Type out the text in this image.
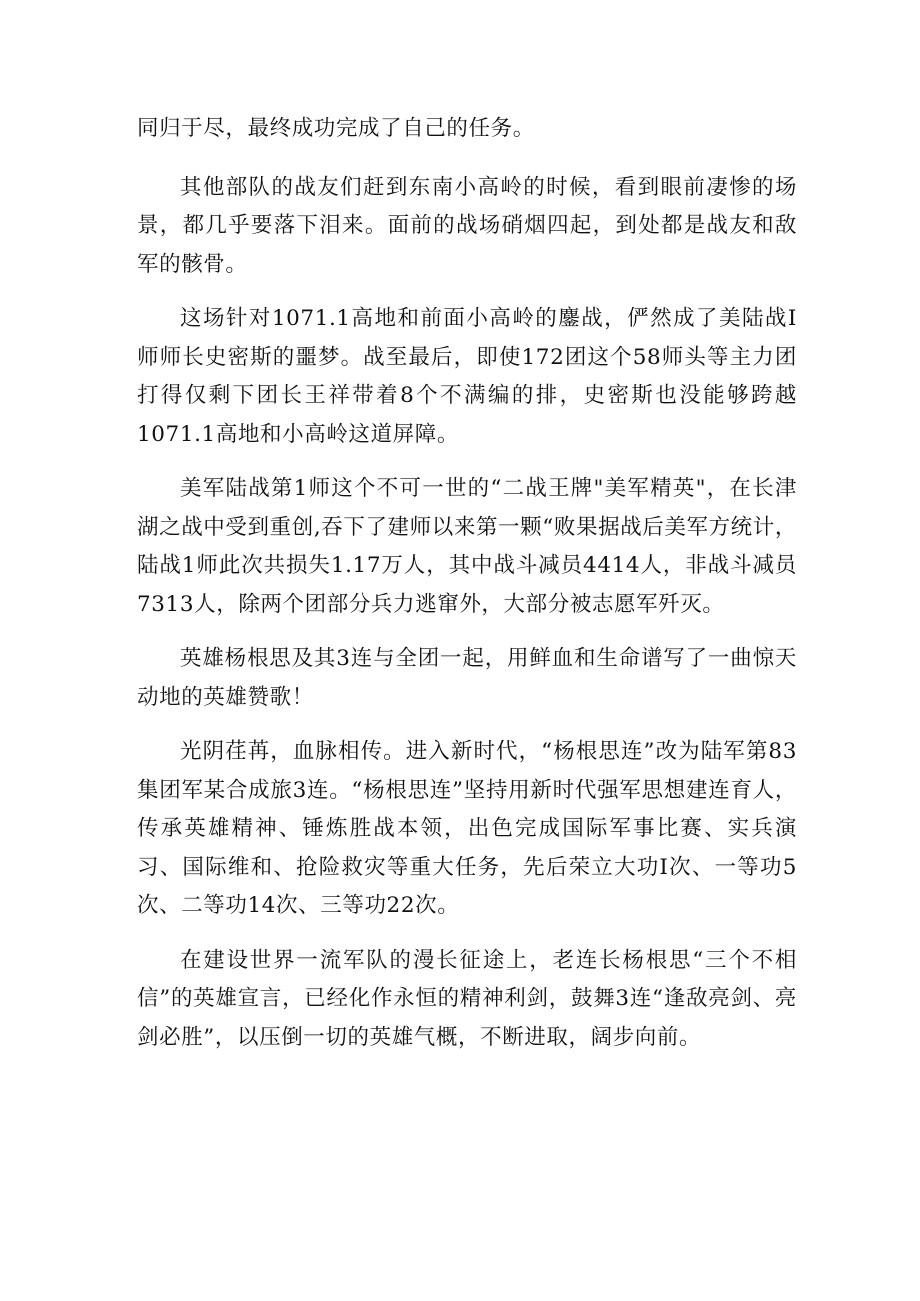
同归于尽，最终成功完成了自己的任务。

其他部队的战友们赶到东南小高岭的时候，看到眼前凄惨的场景，都几乎要落下泪来。面前的战场硝烟四起，到处都是战友和敌军的骸骨。

这场针对1071.1高地和前面小高岭的鏖战，俨然成了美陆战I师师长史密斯的噩梦。战至最后，即使172团这个58师头等主力团打得仅剩下团长王祥带着8个不满编的排，史密斯也没能够跨越1071.1高地和小高岭这道屏障。

美军陆战第1师这个不可一世的“二战王牌"美军精英"，在长津湖之战中受到重创,吞下了建师以来第一颗“败果据战后美军方统计，陆战1师此次共损失1.17万人，其中战斗减员4414人，非战斗减员7313人，除两个团部分兵力逃窜外，大部分被志愿军歼灭。

英雄杨根思及其3连与全团一起，用鲜血和生命谱写了一曲惊天动地的英雄赞歌！

光阴荏苒，血脉相传。进入新时代，“杨根思连”改为陆军第83集团军某合成旅3连。“杨根思连”坚持用新时代强军思想建连育人，传承英雄精神、锤炼胜战本领，出色完成国际军事比赛、实兵演习、国际维和、抢险救灾等重大任务，先后荣立大功I次、一等功5次、二等功14次、三等功22次。

在建设世界一流军队的漫长征途上，老连长杨根思“三个不相信”的英雄宣言，已经化作永恒的精神利剑，鼓舞3连“逢敌亮剑、亮剑必胜”，以压倒一切的英雄气概，不断进取，阔步向前。
